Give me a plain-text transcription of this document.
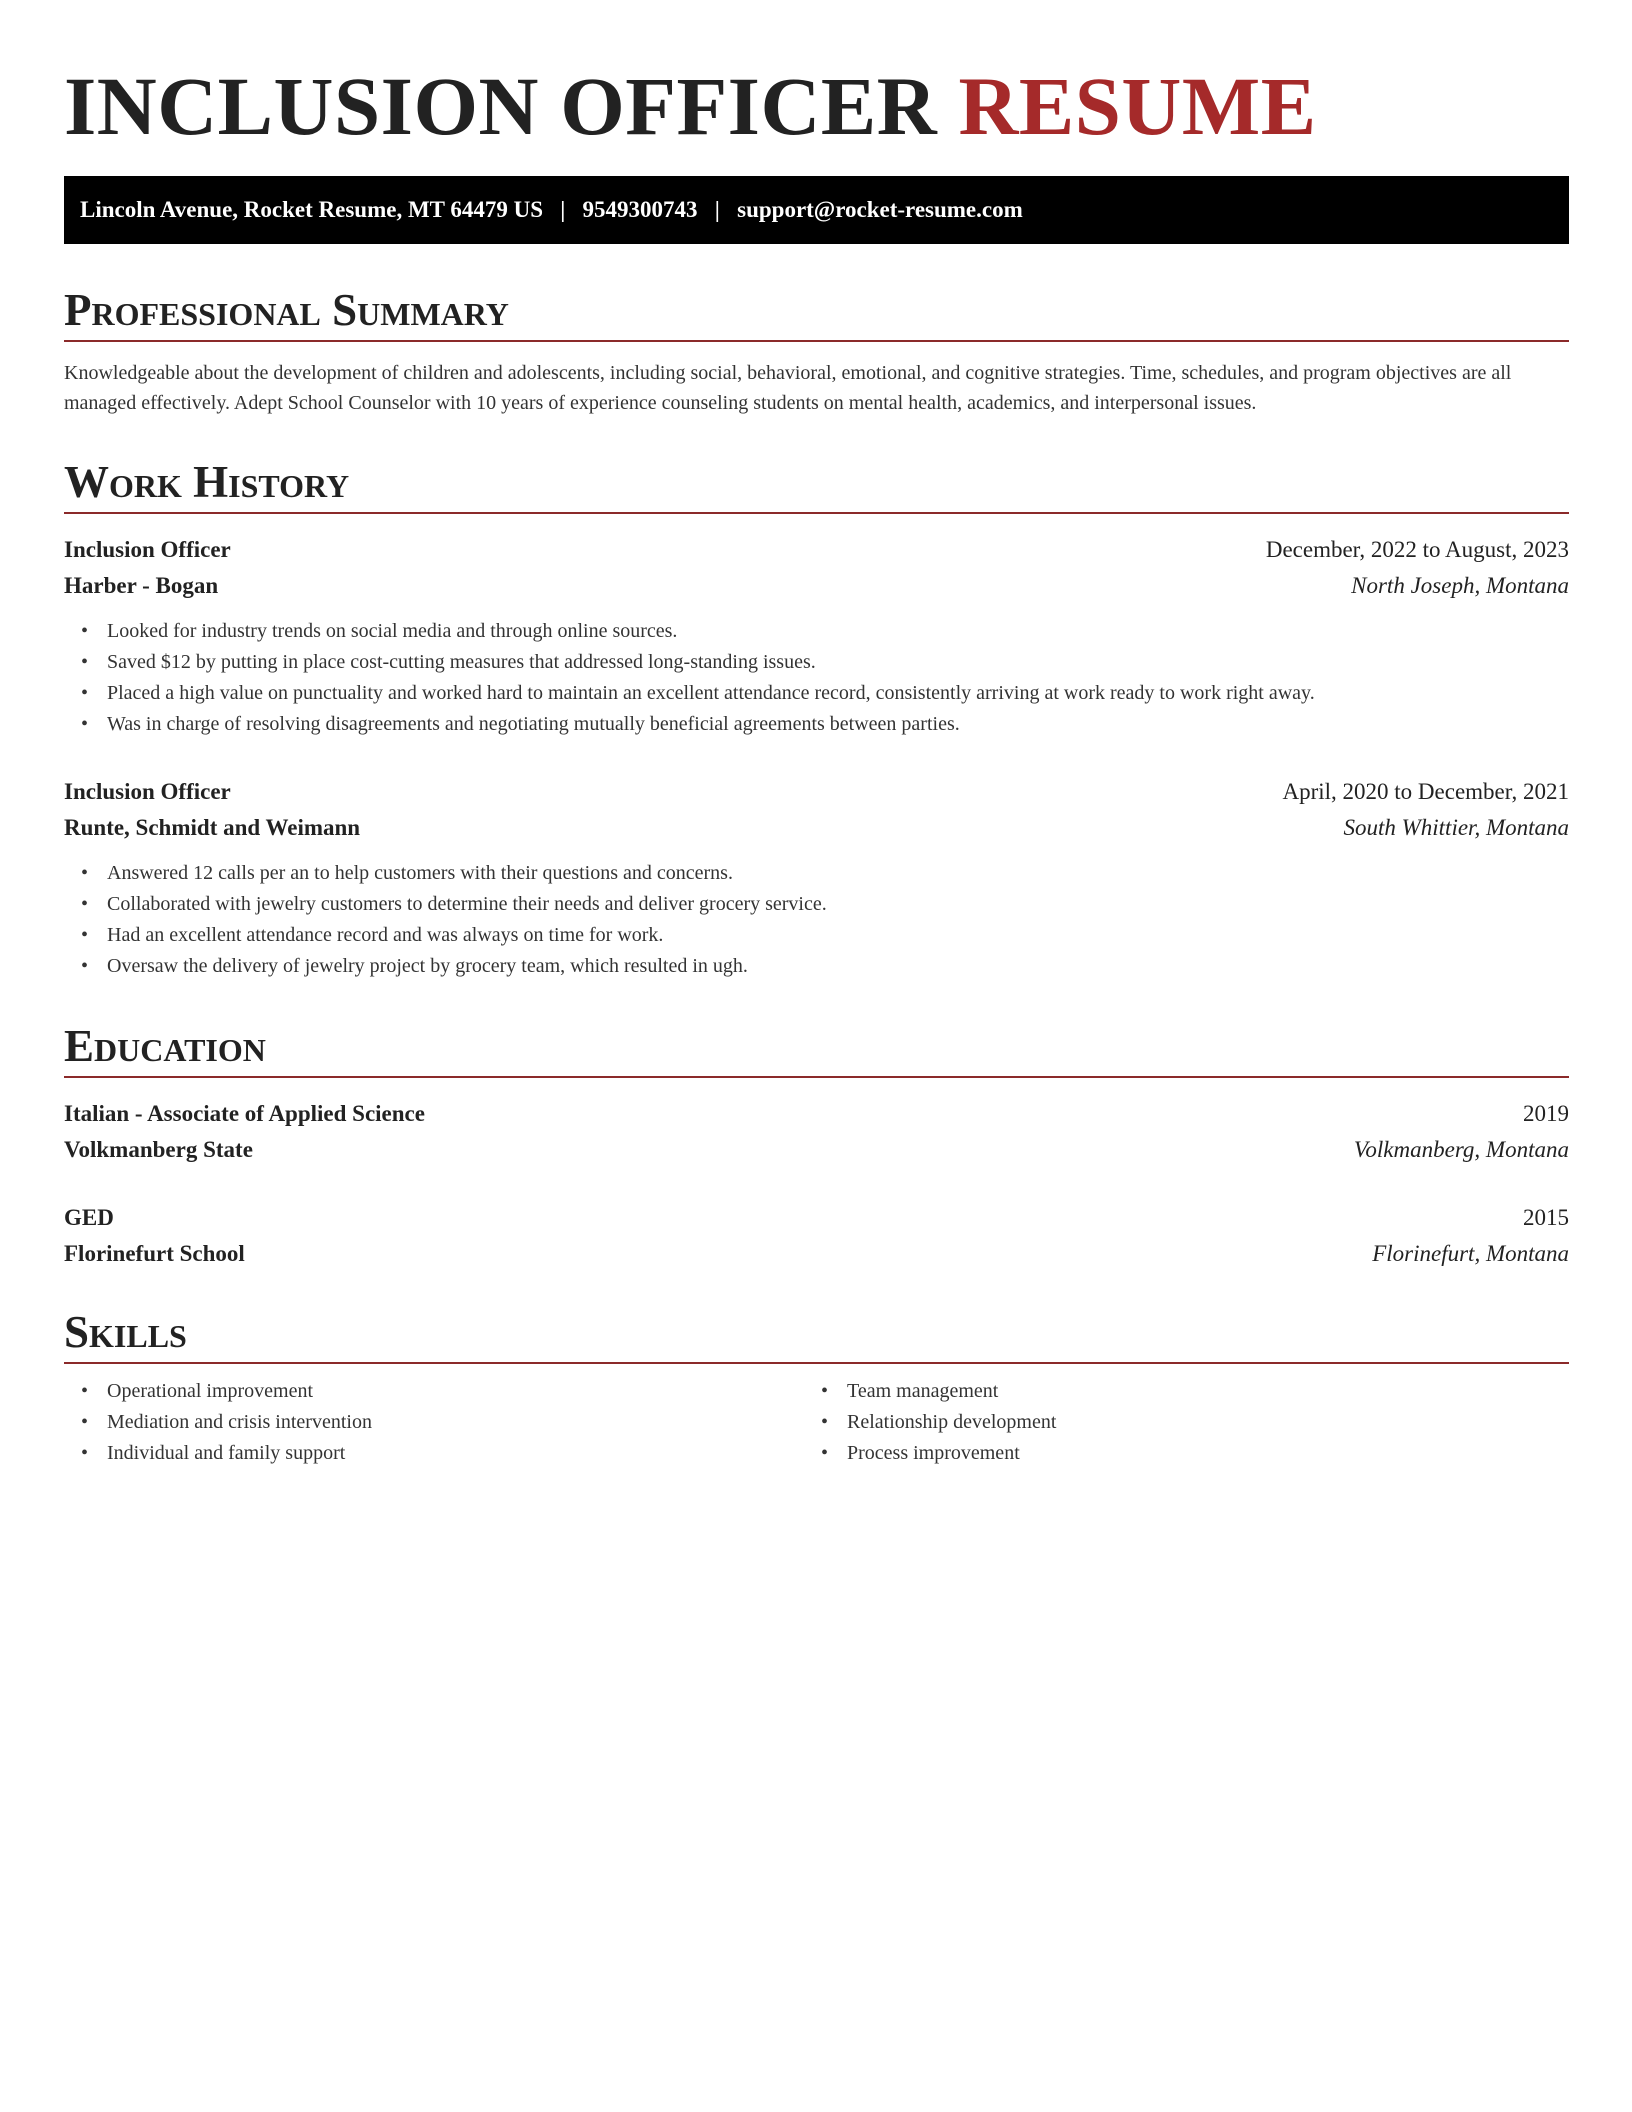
INCLUSION OFFICER RESUME
Lincoln Avenue, Rocket Resume, MT 64479 US   |   9549300743   |   support@rocket-resume.com
Professional Summary
Knowledgeable about the development of children and adolescents, including social, behavioral, emotional, and cognitive strategies. Time, schedules, and program objectives are all managed effectively. Adept School Counselor with 10 years of experience counseling students on mental health, academics, and interpersonal issues.
Work History
Inclusion Officer	December, 2022 to August, 2023
Harber - Bogan	North Joseph, Montana
• Looked for industry trends on social media and through online sources.
• Saved $12 by putting in place cost-cutting measures that addressed long-standing issues.
• Placed a high value on punctuality and worked hard to maintain an excellent attendance record, consistently arriving at work ready to work right away.
• Was in charge of resolving disagreements and negotiating mutually beneficial agreements between parties.
Inclusion Officer	April, 2020 to December, 2021
Runte, Schmidt and Weimann	South Whittier, Montana
• Answered 12 calls per an to help customers with their questions and concerns.
• Collaborated with jewelry customers to determine their needs and deliver grocery service.
• Had an excellent attendance record and was always on time for work.
• Oversaw the delivery of jewelry project by grocery team, which resulted in ugh.
Education
Italian - Associate of Applied Science	2019
Volkmanberg State	Volkmanberg, Montana
GED	2015
Florinefurt School	Florinefurt, Montana
Skills
• Operational improvement
• Mediation and crisis intervention
• Individual and family support
• Team management
• Relationship development
• Process improvement
